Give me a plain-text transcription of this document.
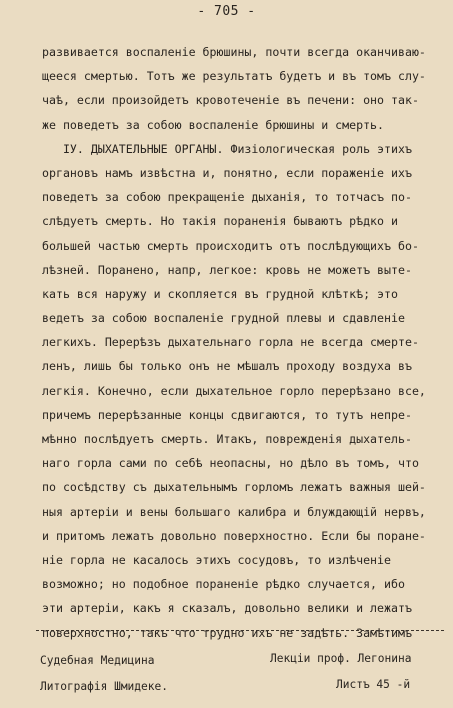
- 705 -
развивается воспаленіе брюшины, почти всегда оканчиваю-
щееся смертью. Тотъ же результатъ будетъ и въ томъ слу-
чаѣ, если произойдетъ кровотеченіе въ печени: оно так-
же поведетъ за собою воспаленіе брюшины и смерть.
IУ. ДЫХАТЕЛЬНЫЕ ОРГАНЫ. Физіологическая роль этихъ
органовъ намъ извѣстна и, понятно, если пораженіе ихъ
поведетъ за собою прекращеніе дыханія, то тотчасъ по-
слѣдуетъ смерть. Но такія пораненія бываютъ рѣдко и
большей частью смерть происходитъ отъ послѣдующихъ бо-
лѣзней. Поранено, напр, легкое: кровь не можетъ выте-
кать вся наружу и скопляется въ грудной клѣткѣ; это
ведетъ за собою воспаленіе грудной плевы и сдавленіе
легкихъ. Перерѣзъ дыхательнаго горла не всегда смерте-
ленъ, лишь бы только онъ не мѣшалъ проходу воздуха въ
легкія. Конечно, если дыхательное горло перерѣзано все,
причемъ перерѣзанные концы сдвигаются, то тутъ непре-
мѣнно послѣдуетъ смерть. Итакъ, поврежденія дыхатель-
наго горла сами по себѣ неопасны, но дѣло въ томъ, что
по сосѣдству съ дыхательнымъ горломъ лежатъ важныя шей-
ныя артеріи и вены большаго калибра и блуждающій нервъ,
и притомъ лежатъ довольно поверхностно. Если бы поране-
ніе горла не касалось этихъ сосудовъ, то излѣченіе
возможно; но подобное пораненіе рѣдко случается, ибо
эти артеріи, какъ я сказалъ, довольно велики и лежатъ
поверхностно, такъ что трудно ихъ не задѣть. Замѣтимъ
Судебная Медицина
Литографія Шмидеке.
Лекціи проф. Легонина
Листъ 45 -й
